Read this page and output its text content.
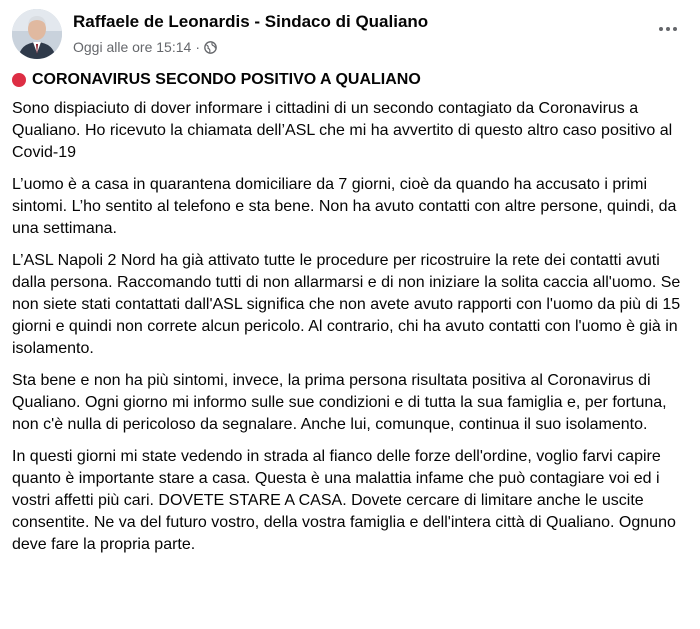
Raffaele de Leonardis - Sindaco di Qualiano
Oggi alle ore 15:14 ·
CORONAVIRUS SECONDO POSITIVO A QUALIANO

Sono dispiaciuto di dover informare i cittadini di un secondo contagiato da Coronavirus a Qualiano. Ho ricevuto la chiamata dell’ASL che mi ha avvertito di questo altro caso positivo al Covid-19

L’uomo è a casa in quarantena domiciliare da 7 giorni, cioè da quando ha accusato i primi sintomi. L’ho sentito al telefono e sta bene. Non ha avuto contatti con altre persone, quindi, da una settimana.

L’ASL Napoli 2 Nord ha già attivato tutte le procedure per ricostruire la rete dei contatti avuti dalla persona. Raccomando tutti di non allarmarsi e di non iniziare la solita caccia all'uomo. Se non siete stati contattati dall'ASL significa che non avete avuto rapporti con l'uomo da più di 15 giorni e quindi non correte alcun pericolo. Al contrario, chi ha avuto contatti con l'uomo è già in isolamento.

Sta bene e non ha più sintomi, invece, la prima persona risultata positiva al Coronavirus di Qualiano. Ogni giorno mi informo sulle sue condizioni e di tutta la sua famiglia e, per fortuna, non c'è nulla di pericoloso da segnalare. Anche lui, comunque, continua il suo isolamento.

In questi giorni mi state vedendo in strada al fianco delle forze dell'ordine, voglio farvi capire quanto è importante stare a casa. Questa è una malattia infame che può contagiare voi ed i vostri affetti più cari. DOVETE STARE A CASA. Dovete cercare di limitare anche le uscite consentite. Ne va del futuro vostro, della vostra famiglia e dell'intera città di Qualiano. Ognuno deve fare la propria parte.
